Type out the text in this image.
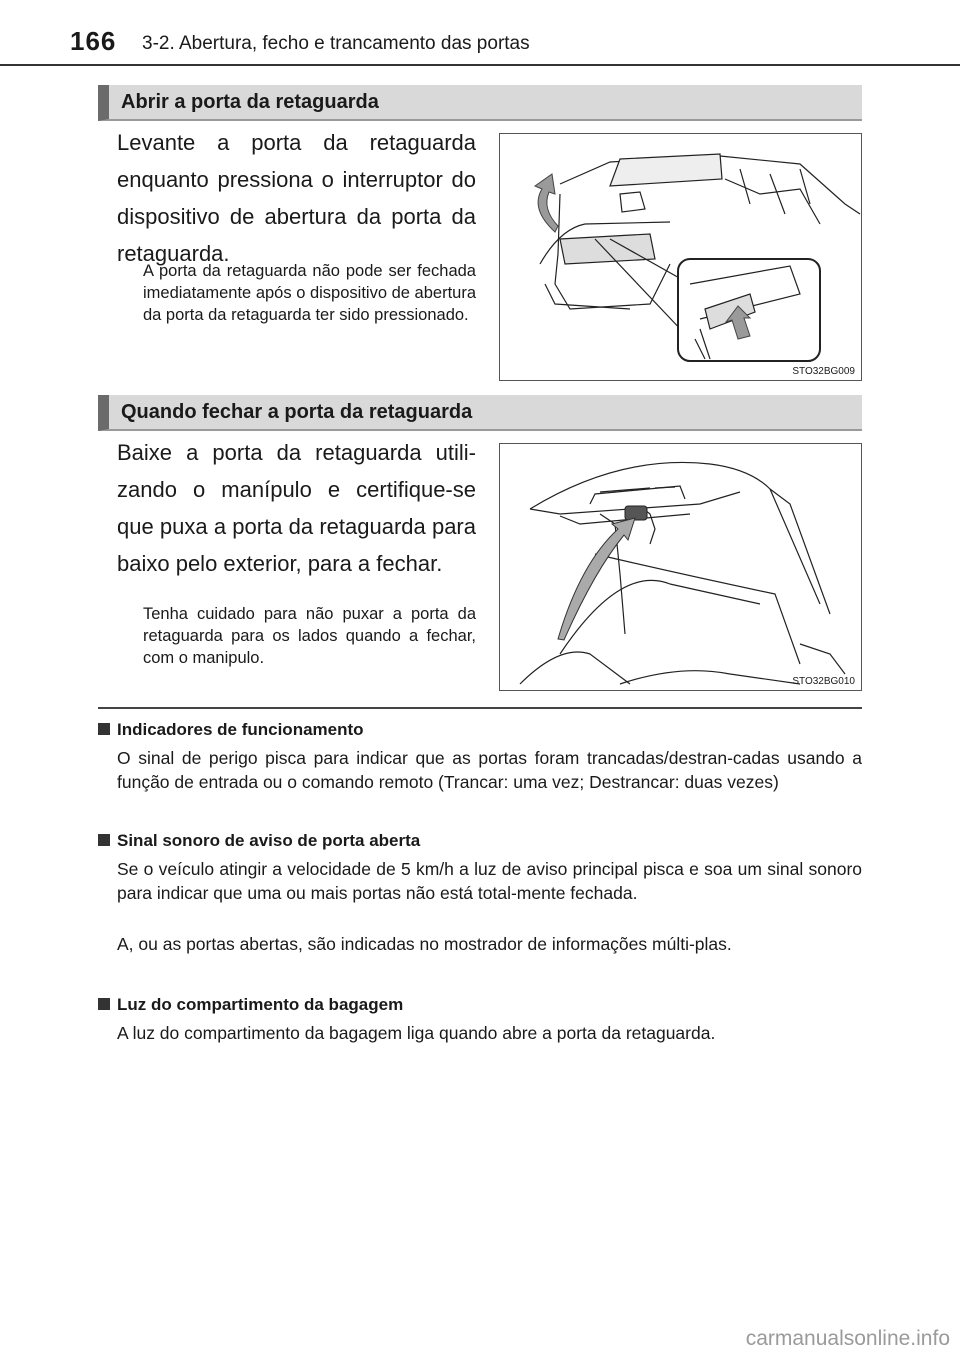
166 3-2. Abertura, fecho e trancamento das portas
Abrir a porta da retaguarda
Levante a porta da retaguarda enquanto pressiona o interruptor do dispositivo de abertura da porta da retaguarda.
A porta da retaguarda não pode ser fechada imediatamente após o dispositivo de abertura da porta da retaguarda ter sido pressionado.
STO32BG009
Quando fechar a porta da retaguarda
Baixe a porta da retaguarda utili-zando o manípulo e certifique-se que puxa a porta da retaguarda para baixo pelo exterior, para a fechar.
Tenha cuidado para não puxar a porta da retaguarda para os lados quando a fechar, com o manipulo.
STO32BG010
Indicadores de funcionamento
O sinal de perigo pisca para indicar que as portas foram trancadas/destran-cadas usando a função de entrada ou o comando remoto (Trancar: uma vez; Destrancar: duas vezes)
Sinal sonoro de aviso de porta aberta
Se o veículo atingir a velocidade de 5 km/h a luz de aviso principal pisca e soa um sinal sonoro para indicar que uma ou mais portas não está total-mente fechada.
A, ou as portas abertas, são indicadas no mostrador de informações múlti-plas.
Luz do compartimento da bagagem
A luz do compartimento da bagagem liga quando abre a porta da retaguarda.
carmanualsonline.info
